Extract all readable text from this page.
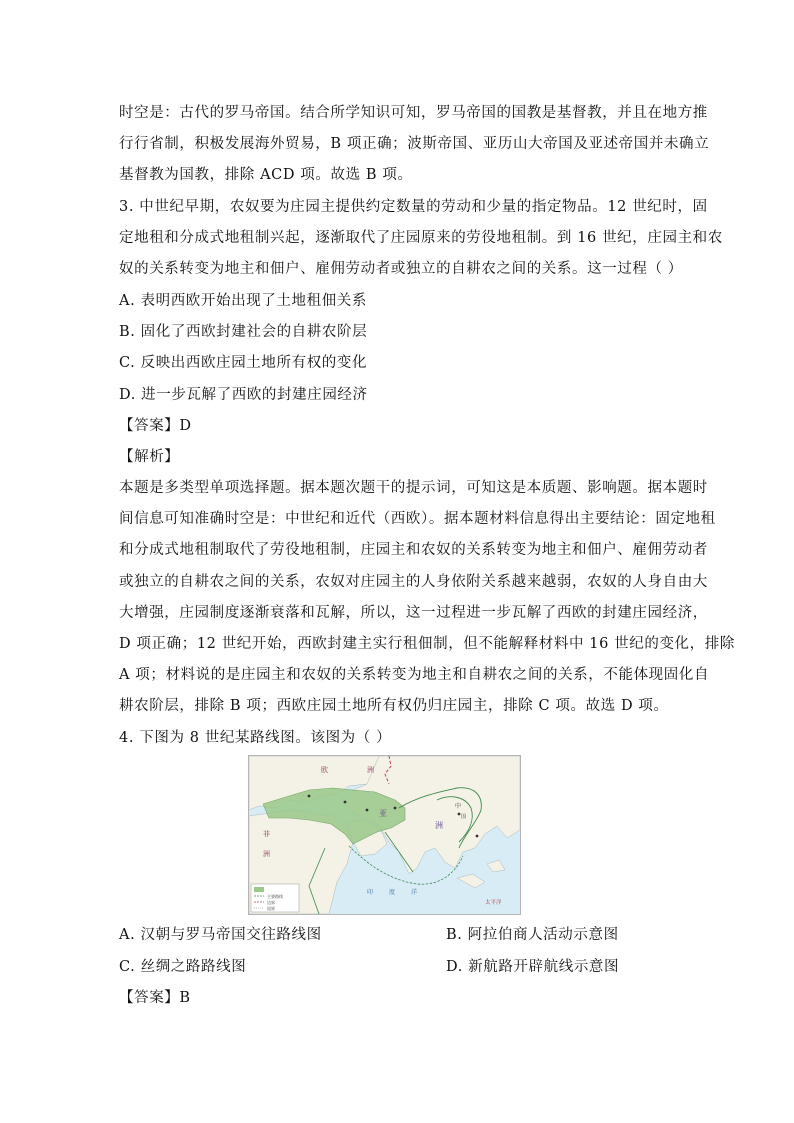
时空是：古代的罗马帝国。结合所学知识可知，罗马帝国的国教是基督教，并且在地方推
行行省制，积极发展海外贸易，B 项正确；波斯帝国、亚历山大帝国及亚述帝国并未确立
基督教为国教，排除 ACD 项。故选 B 项。
3. 中世纪早期，农奴要为庄园主提供约定数量的劳动和少量的指定物品。12 世纪时，固
定地租和分成式地租制兴起，逐渐取代了庄园原来的劳役地租制。到 16 世纪，庄园主和农
奴的关系转变为地主和佃户、雇佣劳动者或独立的自耕农之间的关系。这一过程（ ）
A. 表明西欧开始出现了土地租佃关系
B. 固化了西欧封建社会的自耕农阶层
C. 反映出西欧庄园土地所有权的变化
D. 进一步瓦解了西欧的封建庄园经济
【答案】D
【解析】
本题是多类型单项选择题。据本题次题干的提示词，可知这是本质题、影响题。据本题时
间信息可知准确时空是：中世纪和近代（西欧）。据本题材料信息得出主要结论：固定地租
和分成式地租制取代了劳役地租制，庄园主和农奴的关系转变为地主和佃户、雇佣劳动者
或独立的自耕农之间的关系，农奴对庄园主的人身依附关系越来越弱，农奴的人身自由大
大增强，庄园制度逐渐衰落和瓦解，所以，这一过程进一步瓦解了西欧的封建庄园经济，
D 项正确；12 世纪开始，西欧封建主实行租佃制，但不能解释材料中 16 世纪的变化，排除
A 项；材料说的是庄园主和农奴的关系转变为地主和自耕农之间的关系，不能体现固化自
耕农阶层，排除 B 项；西欧庄园土地所有权仍归庄园主，排除 C 项。故选 D 项。
4. 下图为 8 世纪某路线图。该图为（ ）
欧	洲
亚
洲
非
洲
印	度	洋
太平洋
中
国
主要路线
边界
国界
A. 汉朝与罗马帝国交往路线图	B. 阿拉伯商人活动示意图
C. 丝绸之路路线图	D. 新航路开辟航线示意图
【答案】B
